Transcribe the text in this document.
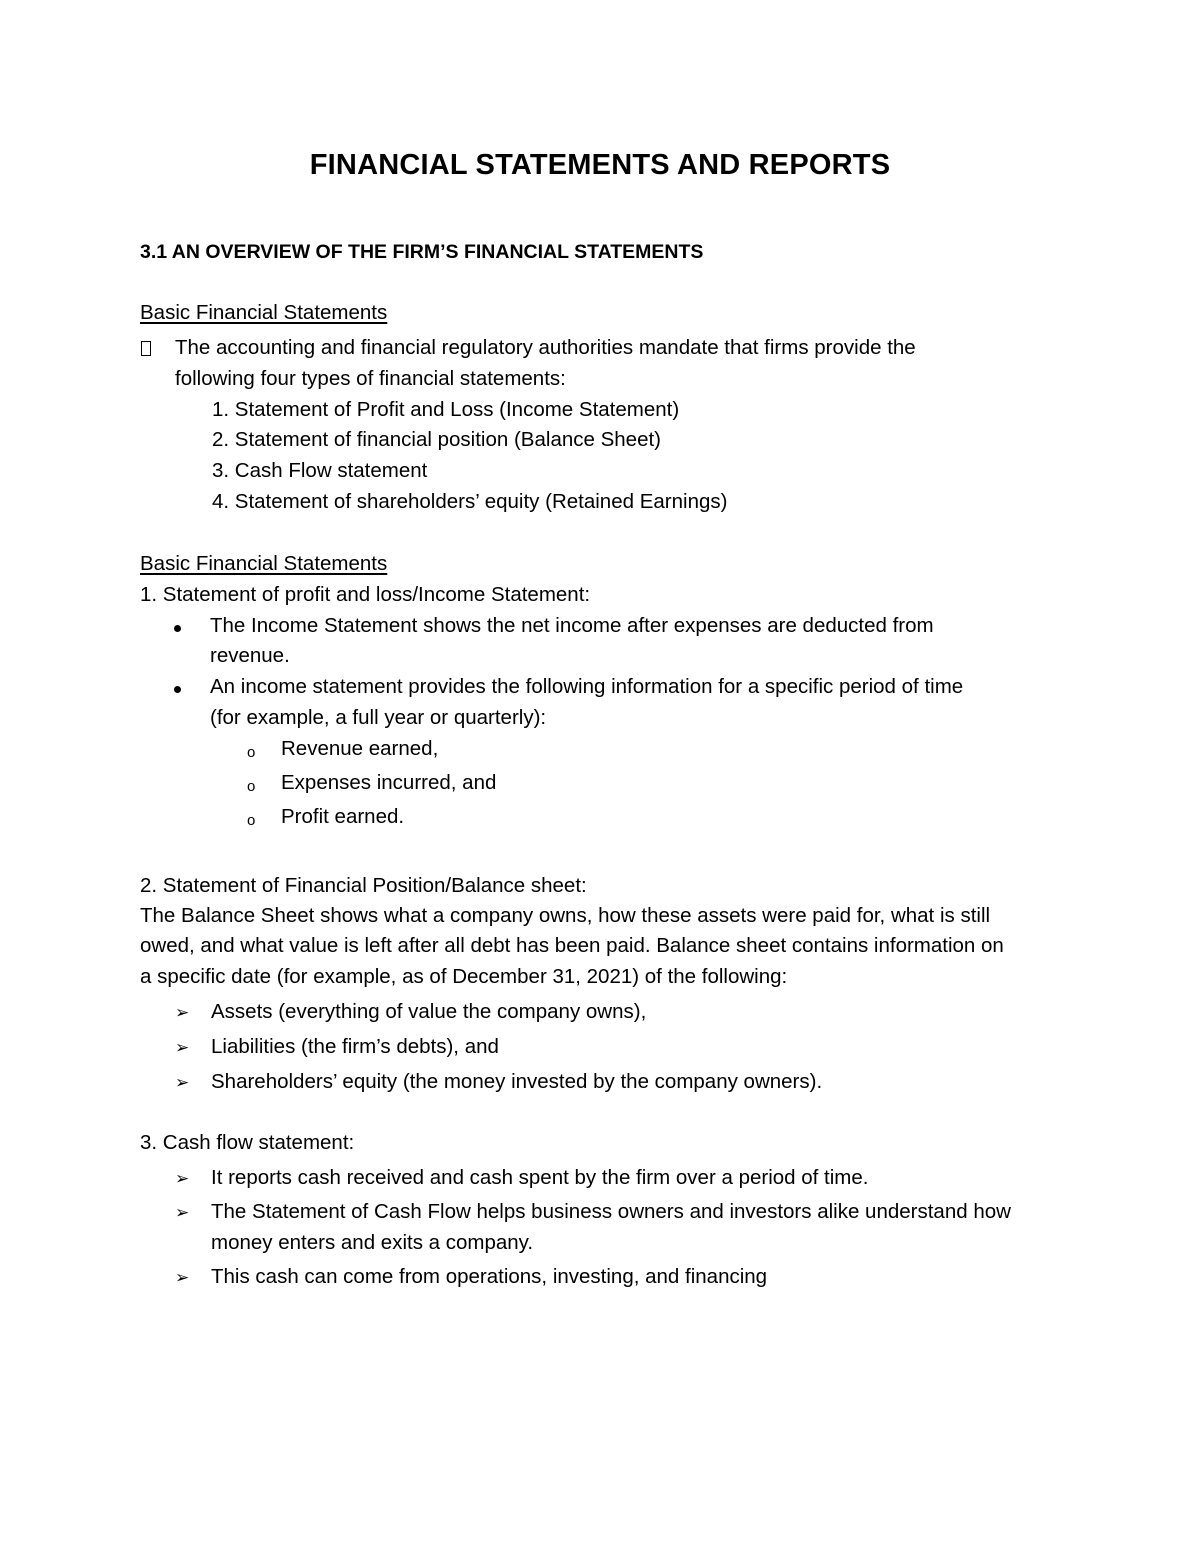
FINANCIAL STATEMENTS AND REPORTS
3.1 AN OVERVIEW OF THE FIRM’S FINANCIAL STATEMENTS
Basic Financial Statements
The accounting and financial regulatory authorities mandate that firms provide the
following four types of financial statements:
1. Statement of Profit and Loss (Income Statement)
2. Statement of financial position (Balance Sheet)
3. Cash Flow statement
4. Statement of shareholders’ equity (Retained Earnings)
Basic Financial Statements
1. Statement of profit and loss/Income Statement:
The Income Statement shows the net income after expenses are deducted from
revenue.
An income statement provides the following information for a specific period of time
(for example, a full year or quarterly):
o Revenue earned,
o Expenses incurred, and
o Profit earned.
2. Statement of Financial Position/Balance sheet:
The Balance Sheet shows what a company owns, how these assets were paid for, what is still
owed, and what value is left after all debt has been paid. Balance sheet contains information on
a specific date (for example, as of December 31, 2021) of the following:
➢ Assets (everything of value the company owns),
➢ Liabilities (the firm’s debts), and
➢ Shareholders’ equity (the money invested by the company owners).
3. Cash flow statement:
➢ It reports cash received and cash spent by the firm over a period of time.
➢ The Statement of Cash Flow helps business owners and investors alike understand how
money enters and exits a company.
➢ This cash can come from operations, investing, and financing
